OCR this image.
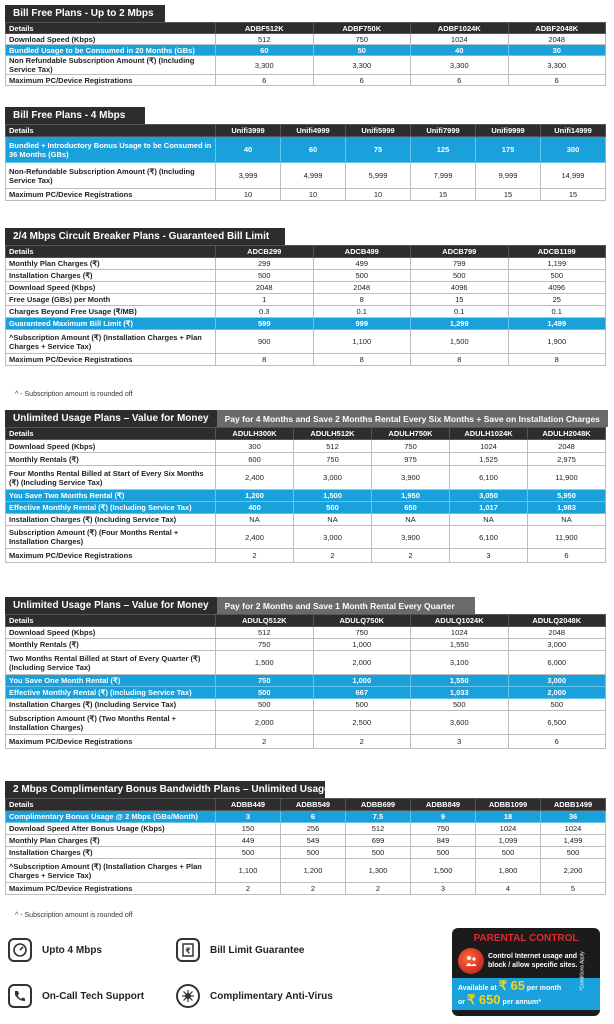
Bill Free Plans - Up to 2 Mbps
Details	ADBF512K	ADBF750K	ADBF1024K	ADBF2048K
Download Speed (Kbps)	512	750	1024	2048
Bundled Usage to be Consumed in 20 Months (GBs)	60	50	40	30
Non Refundable Subscription Amount (₹) (Including Service Tax)	3,300	3,300	3,300	3,300
Maximum PC/Device Registrations	6	6	6	6
Bill Free Plans - 4 Mbps
Details	Unifi3999	Unifi4999	Unifi5999	Unifi7999	Unifi9999	Unifi14999
Bundled + Introductory Bonus Usage to be Consumed in 36 Months (GBs)	40	60	75	125	175	300
Non-Refundable Subscription Amount (₹) (Including Service Tax)	3,999	4,999	5,999	7,999	9,999	14,999
Maximum PC/Device Registrations	10	10	10	15	15	15
2/4 Mbps Circuit Breaker Plans - Guaranteed Bill Limit
Details	ADCB299	ADCB499	ADCB799	ADCB1199
Monthly Plan Charges (₹)	299	499	799	1,199
Installation Charges (₹)	500	500	500	500
Download Speed (Kbps)	2048	2048	4096	4096
Free Usage (GBs) per Month	1	8	15	25
Charges Beyond Free Usage (₹/MB)	0.3	0.1	0.1	0.1
Guaranteed Maximum Bill Limit (₹)	599	999	1,299	1,499
^Subscription Amount (₹) (Installation Charges + Plan Charges + Service Tax)	900	1,100	1,500	1,900
Maximum PC/Device Registrations	8	8	8	8
^ - Subscription amount is rounded off
Unlimited Usage Plans – Value for Money	Pay for 4 Months and Save 2 Months Rental Every Six Months + Save on Installation Charges
Details	ADULH300K	ADULH512K	ADULH750K	ADULH1024K	ADULH2048K
Download Speed (Kbps)	300	512	750	1024	2048
Monthly Rentals (₹)	600	750	975	1,525	2,975
Four Months Rental Billed at Start of Every Six Months (₹) (Including Service Tax)	2,400	3,000	3,900	6,100	11,900
You Save Two Months Rental (₹)	1,200	1,500	1,950	3,050	5,950
Effective Monthly Rental (₹) (Including Service Tax)	400	500	650	1,017	1,983
Installation Charges (₹) (Including Service Tax)	NA	NA	NA	NA	NA
Subscription Amount (₹) (Four Months Rental + Installation Charges)	2,400	3,000	3,900	6,100	11,900
Maximum PC/Device Registrations	2	2	2	3	6
Unlimited Usage Plans – Value for Money	Pay for 2 Months and Save 1 Month Rental Every Quarter
Details	ADULQ512K	ADULQ750K	ADULQ1024K	ADULQ2048K
Download Speed (Kbps)	512	750	1024	2048
Monthly Rentals (₹)	750	1,000	1,550	3,000
Two Months Rental Billed at Start of Every Quarter (₹) (Including Service Tax)	1,500	2,000	3,100	6,000
You Save One Month Rental (₹)	750	1,000	1,550	3,000
Effective Monthly Rental (₹) (Including Service Tax)	500	667	1,033	2,000
Installation Charges (₹) (Including Service Tax)	500	500	500	500
Subscription Amount (₹) (Two Months Rental + Installation Charges)	2,000	2,500	3,600	6,500
Maximum PC/Device Registrations	2	2	3	6
2 Mbps Complimentary Bonus Bandwidth Plans – Unlimited Usage
Details	ADBB449	ADBB549	ADBB699	ADBB849	ADBB1099	ADBB1499
Complimentary Bonus Usage @ 2 Mbps (GBs/Month)	3	6	7.5	9	18	36
Download Speed After Bonus Usage (Kbps)	150	256	512	750	1024	1024
Monthly Plan Charges (₹)	449	549	699	849	1,099	1,499
Installation Charges (₹)	500	500	500	500	500	500
^Subscription Amount (₹) (Installation Charges + Plan Charges + Service Tax)	1,100	1,200	1,300	1,500	1,800	2,200
Maximum PC/Device Registrations	2	2	2	3	4	5
^ - Subscription amount is rounded off
Upto 4 Mbps	₹ Bill Limit Guarantee
On-Call Tech Support	Complimentary Anti-Virus
PARENTAL CONTROL
Control Internet usage and block / allow specific sites.
Available at ₹ 65 per month
or ₹ 650 per annum*
*Conditions Apply
